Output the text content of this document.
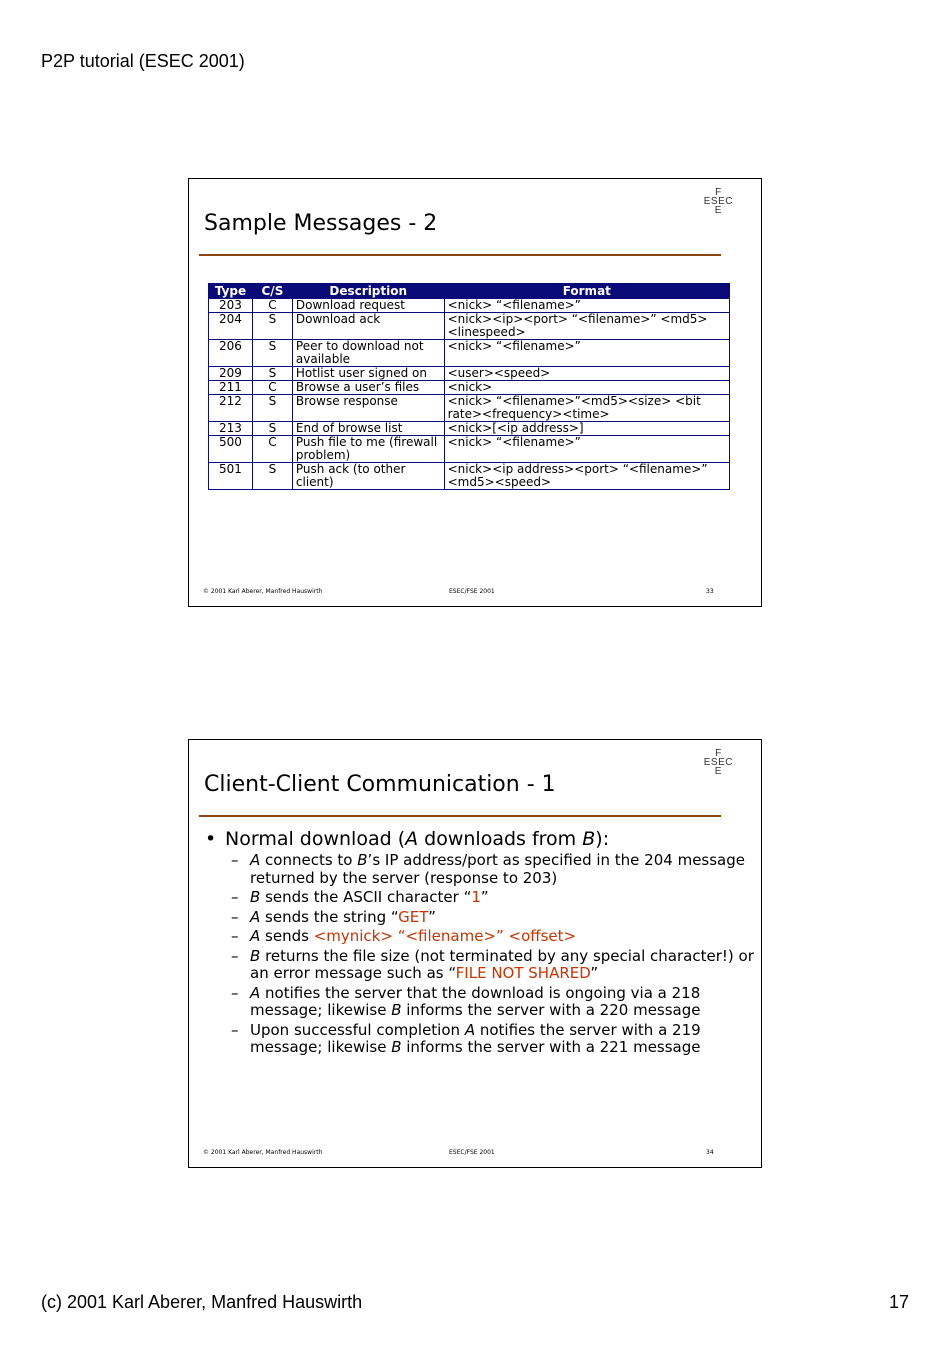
P2P tutorial (ESEC 2001)
Sample Messages - 2
F
ESEC
E
Type	C/S	Description	Format
203	C	Download request	<nick> “<filename>”
204	S	Download ack	<nick><ip><port> “<filename>” <md5> <linespeed>
206	S	Peer to download not available	<nick> “<filename>”
209	S	Hotlist user signed on	<user><speed>
211	C	Browse a user’s files	<nick>
212	S	Browse response	<nick> “<filename>”<md5><size> <bit rate><frequency><time>
213	S	End of browse list	<nick>[<ip address>]
500	C	Push file to me (firewall problem)	<nick> “<filename>”
501	S	Push ack (to other client)	<nick><ip address><port> “<filename>” <md5><speed>
© 2001 Karl Aberer, Manfred Hauswirth	ESEC/FSE 2001	33
Client-Client Communication - 1
F
ESEC
E
• Normal download (A downloads from B):
– A connects to B’s IP address/port as specified in the 204 message returned by the server (response to 203)
– B sends the ASCII character “1”
– A sends the string “GET”
– A sends <mynick> “<filename>” <offset>
– B returns the file size (not terminated by any special character!) or an error message such as “FILE NOT SHARED”
– A notifies the server that the download is ongoing via a 218 message; likewise B informs the server with a 220 message
– Upon successful completion A notifies the server with a 219 message; likewise B informs the server with a 221 message
© 2001 Karl Aberer, Manfred Hauswirth	ESEC/FSE 2001	34
(c) 2001 Karl Aberer, Manfred Hauswirth	17
